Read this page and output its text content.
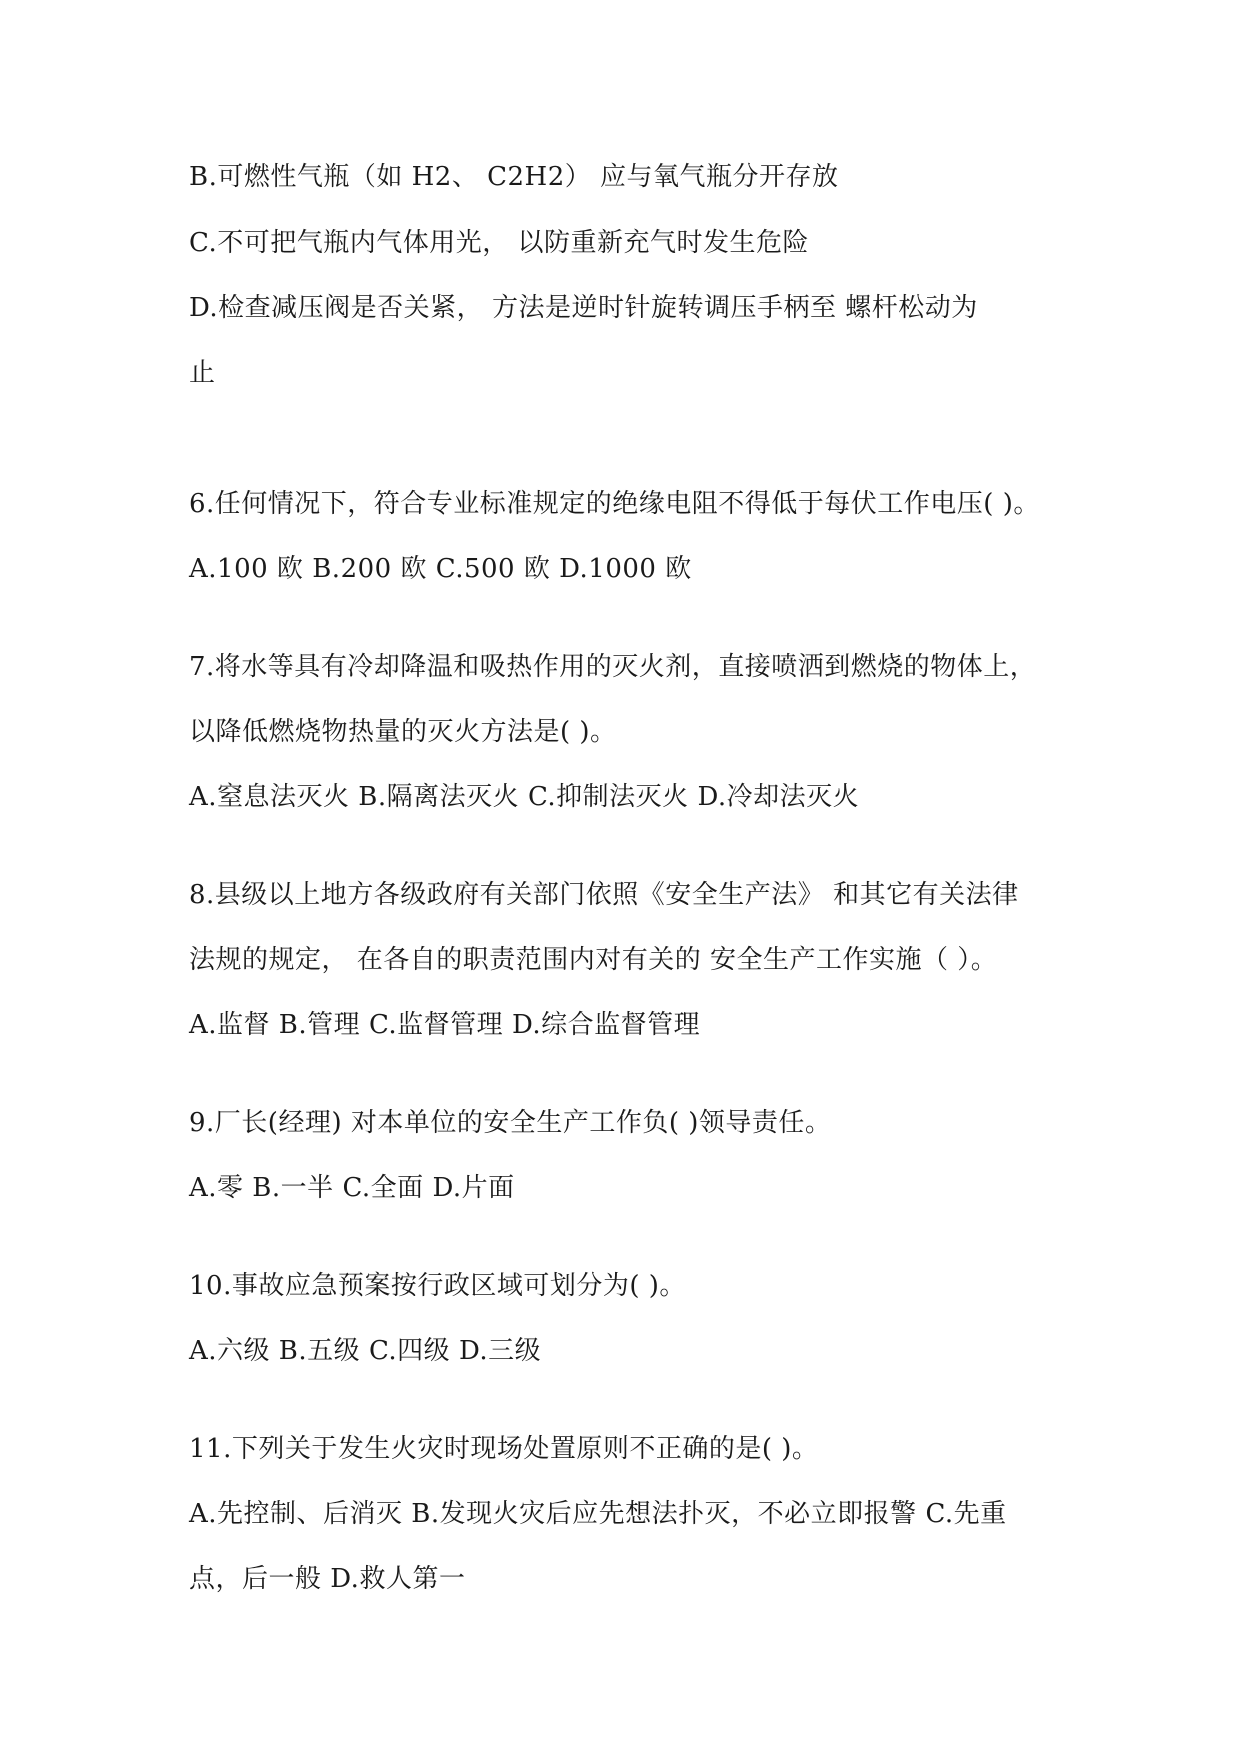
B.可燃性气瓶（如 H2、 C2H2） 应与氧气瓶分开存放

C.不可把气瓶内气体用光， 以防重新充气时发生危险

D.检查减压阀是否关紧， 方法是逆时针旋转调压手柄至 螺杆松动为

止

6.任何情况下，符合专业标准规定的绝缘电阻不得低于每伏工作电压( )。

A.100 欧 B.200 欧 C.500 欧 D.1000 欧

7.将水等具有冷却降温和吸热作用的灭火剂，直接喷洒到燃烧的物体上，

以降低燃烧物热量的灭火方法是( )。

A.窒息法灭火 B.隔离法灭火 C.抑制法灭火 D.冷却法灭火

8.县级以上地方各级政府有关部门依照《安全生产法》 和其它有关法律

法规的规定， 在各自的职责范围内对有关的 安全生产工作实施（ ）。

A.监督 B.管理 C.监督管理 D.综合监督管理

9.厂长(经理) 对本单位的安全生产工作负( )领导责任。

A.零 B.一半 C.全面 D.片面

10.事故应急预案按行政区域可划分为( )。

A.六级 B.五级 C.四级 D.三级

11.下列关于发生火灾时现场处置原则不正确的是( )。

A.先控制、后消灭 B.发现火灾后应先想法扑灭，不必立即报警 C.先重

点，后一般 D.救人第一
